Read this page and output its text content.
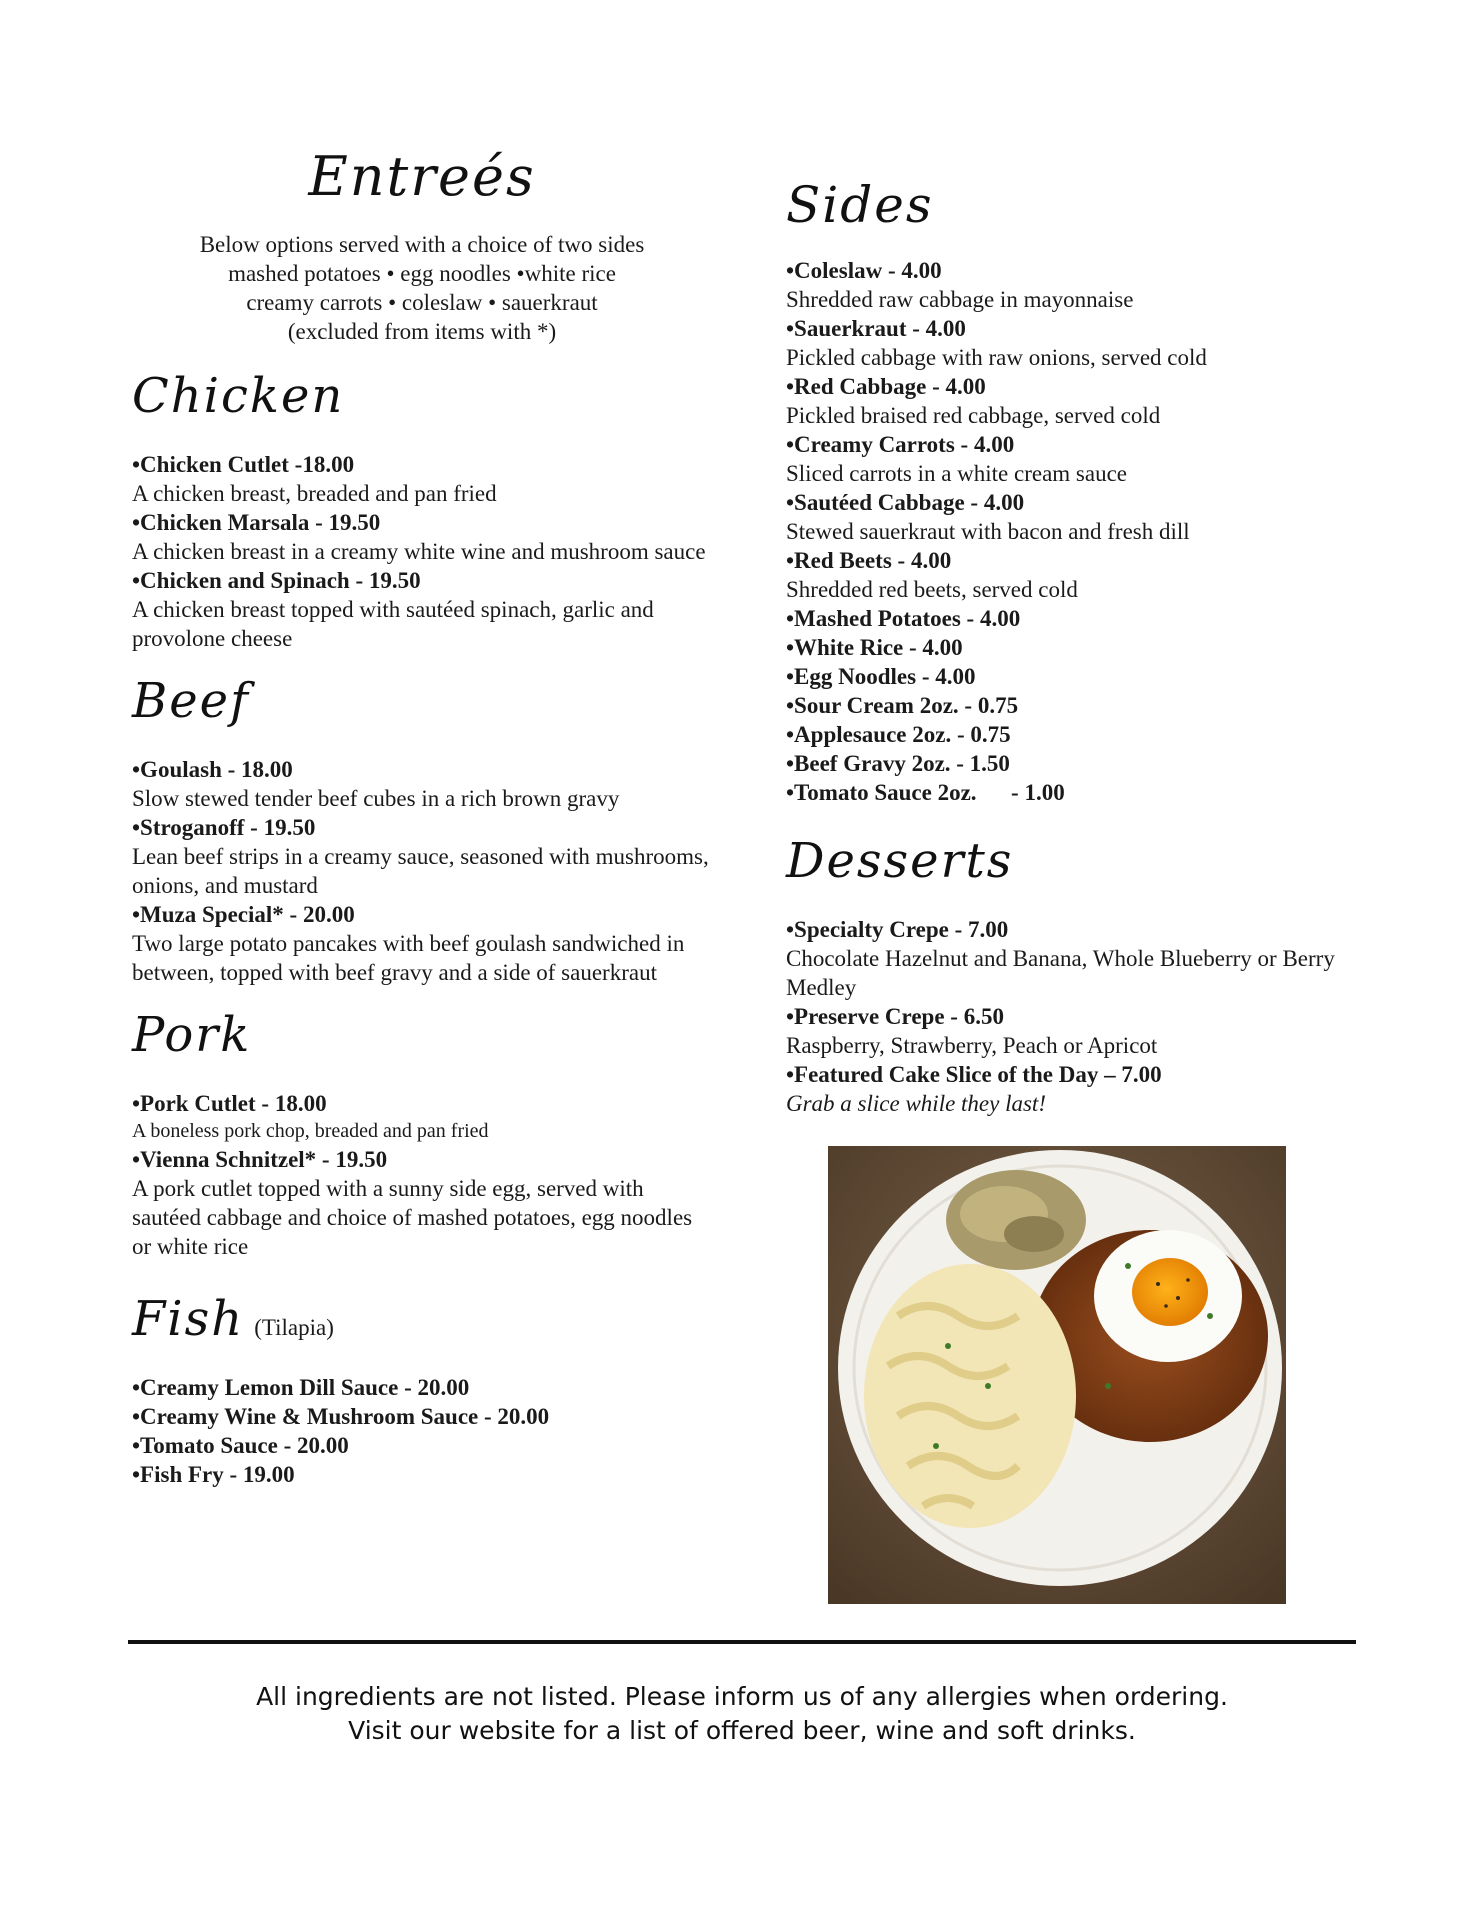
Entreés
Below options served with a choice of two sides
mashed potatoes • egg noodles •white rice
creamy carrots • coleslaw • sauerkraut
(excluded from items with *)
Chicken
•Chicken Cutlet -18.00
A chicken breast, breaded and pan fried
•Chicken Marsala - 19.50
A chicken breast in a creamy white wine and mushroom sauce
•Chicken and Spinach - 19.50
A chicken breast topped with sautéed spinach, garlic and provolone cheese
Beef
•Goulash - 18.00
Slow stewed tender beef cubes in a rich brown gravy
•Stroganoff - 19.50
Lean beef strips in a creamy sauce, seasoned with mushrooms, onions, and mustard
•Muza Special* - 20.00
Two large potato pancakes with beef goulash sandwiched in between, topped with beef gravy and a side of sauerkraut
Pork
•Pork Cutlet - 18.00
A boneless pork chop, breaded and pan fried
•Vienna Schnitzel* - 19.50
A pork cutlet topped with a sunny side egg, served with sautéed cabbage and choice of mashed potatoes, egg noodles or white rice
Fish (Tilapia)
•Creamy Lemon Dill Sauce - 20.00
•Creamy Wine & Mushroom Sauce - 20.00
•Tomato Sauce - 20.00
•Fish Fry - 19.00
Sides
•Coleslaw - 4.00
Shredded raw cabbage in mayonnaise
•Sauerkraut - 4.00
Pickled cabbage with raw onions, served cold
•Red Cabbage - 4.00
Pickled braised red cabbage, served cold
•Creamy Carrots - 4.00
Sliced carrots in a white cream sauce
•Sautéed Cabbage - 4.00
Stewed sauerkraut with bacon and fresh dill
•Red Beets - 4.00
Shredded red beets, served cold
•Mashed Potatoes - 4.00
•White Rice - 4.00
•Egg Noodles - 4.00
•Sour Cream 2oz. - 0.75
•Applesauce 2oz. - 0.75
•Beef Gravy 2oz. - 1.50
•Tomato Sauce 2oz.      - 1.00
Desserts
•Specialty Crepe - 7.00
Chocolate Hazelnut and Banana, Whole Blueberry or Berry Medley
•Preserve Crepe - 6.50
Raspberry, Strawberry, Peach or Apricot
•Featured Cake Slice of the Day – 7.00
Grab a slice while they last!
All ingredients are not listed. Please inform us of any allergies when ordering.
Visit our website for a list of offered beer, wine and soft drinks.
